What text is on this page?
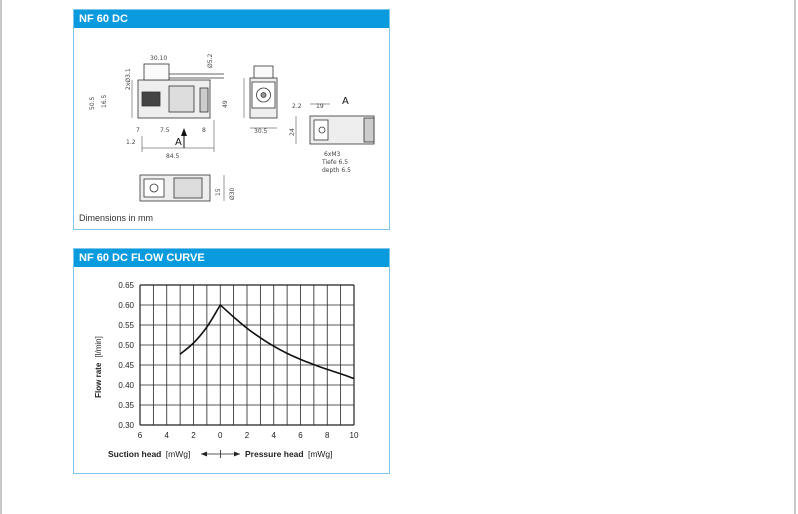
NF 60 DC
30.10	Ø5.2
2xØ3.1
50.5 16.5	49
7	7.5
1.2
8
84.5
A
30.5
2.2 19 A
24
6xM3
Tiefe 6.5
depth 6.5
15 Ø30
Dimensions in mm
NF 60 DC FLOW CURVE
0.65
0.60
0.55
0.50
0.45
0.40
0.35
0.30
6	4	2	0	2	4	6	8	10
Flow rate [l/min]
Suction head [mWg]	Pressure head [mWg]
